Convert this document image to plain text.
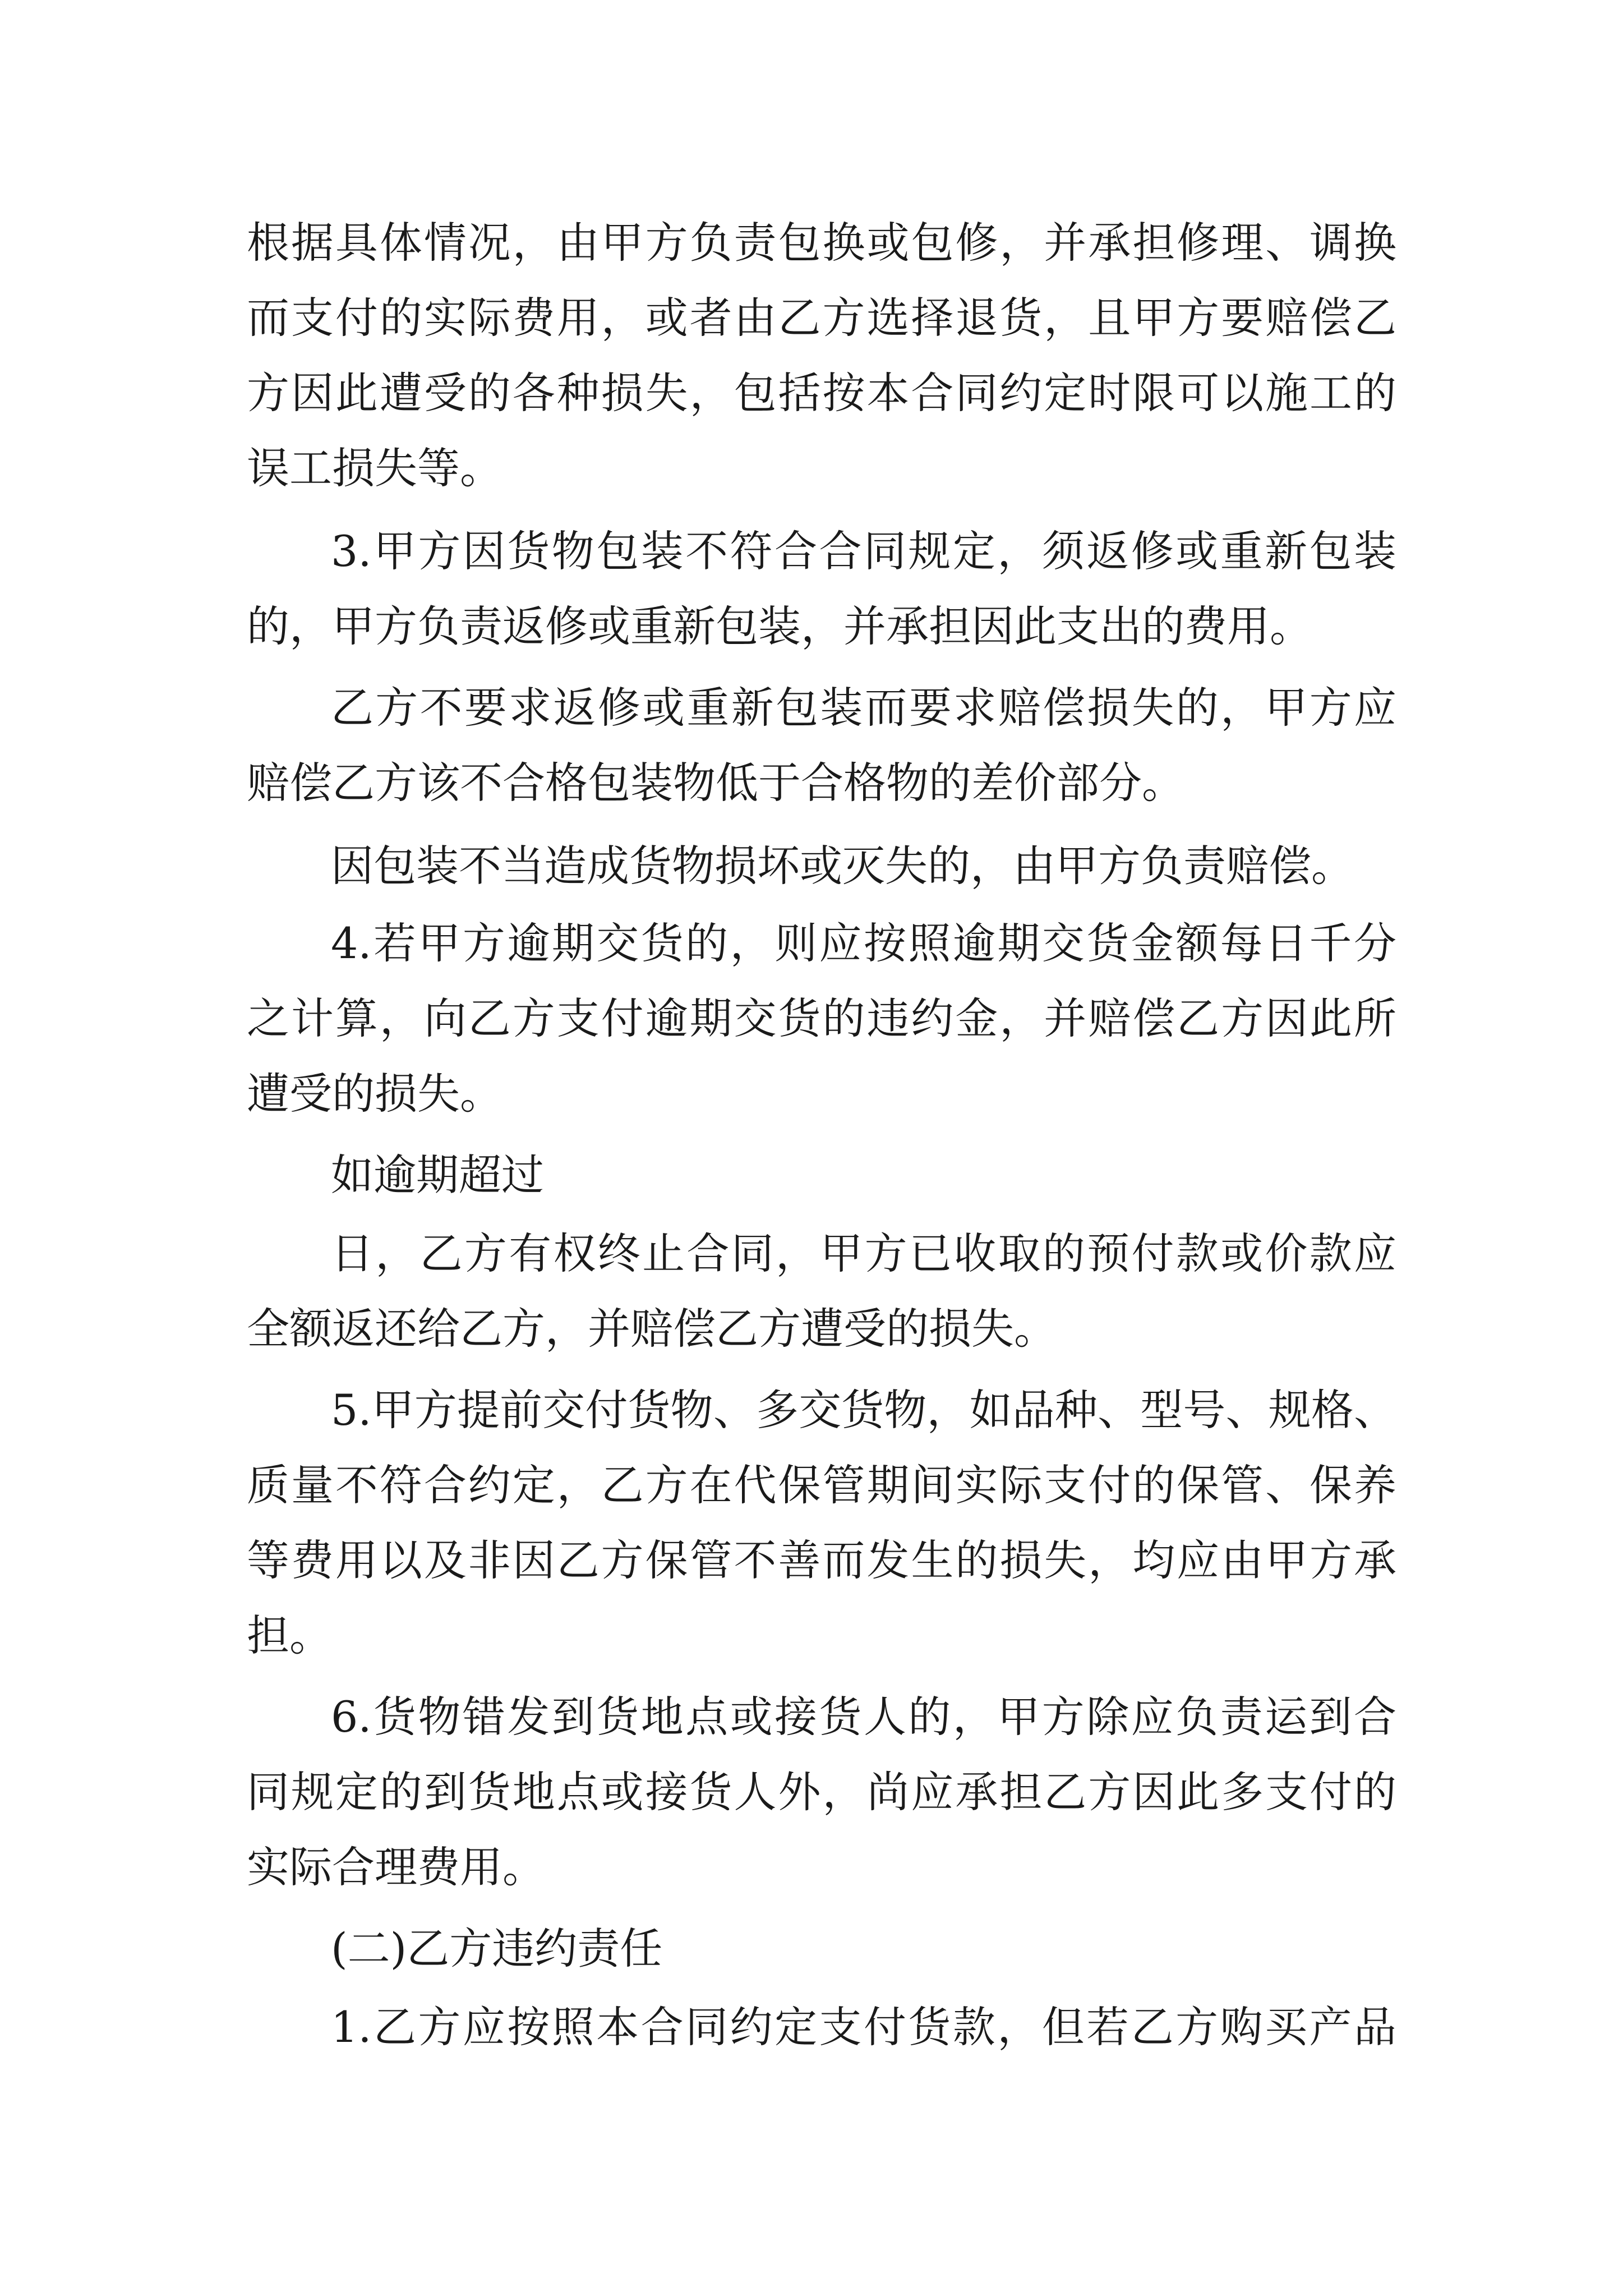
根据具体情况，由甲方负责包换或包修，并承担修理、调换

而支付的实际费用，或者由乙方选择退货，且甲方要赔偿乙

方因此遭受的各种损失，包括按本合同约定时限可以施工的

误工损失等。

3.甲方因货物包装不符合合同规定，须返修或重新包装

的，甲方负责返修或重新包装，并承担因此支出的费用。

乙方不要求返修或重新包装而要求赔偿损失的，甲方应

赔偿乙方该不合格包装物低于合格物的差价部分。

因包装不当造成货物损坏或灭失的，由甲方负责赔偿。

4.若甲方逾期交货的，则应按照逾期交货金额每日千分

之计算，向乙方支付逾期交货的违约金，并赔偿乙方因此所

遭受的损失。

如逾期超过

日，乙方有权终止合同，甲方已收取的预付款或价款应

全额返还给乙方，并赔偿乙方遭受的损失。

5.甲方提前交付货物、多交货物，如品种、型号、规格、

质量不符合约定，乙方在代保管期间实际支付的保管、保养

等费用以及非因乙方保管不善而发生的损失，均应由甲方承

担。

6.货物错发到货地点或接货人的，甲方除应负责运到合

同规定的到货地点或接货人外，尚应承担乙方因此多支付的

实际合理费用。

(二)乙方违约责任

1.乙方应按照本合同约定支付货款，但若乙方购买产品
